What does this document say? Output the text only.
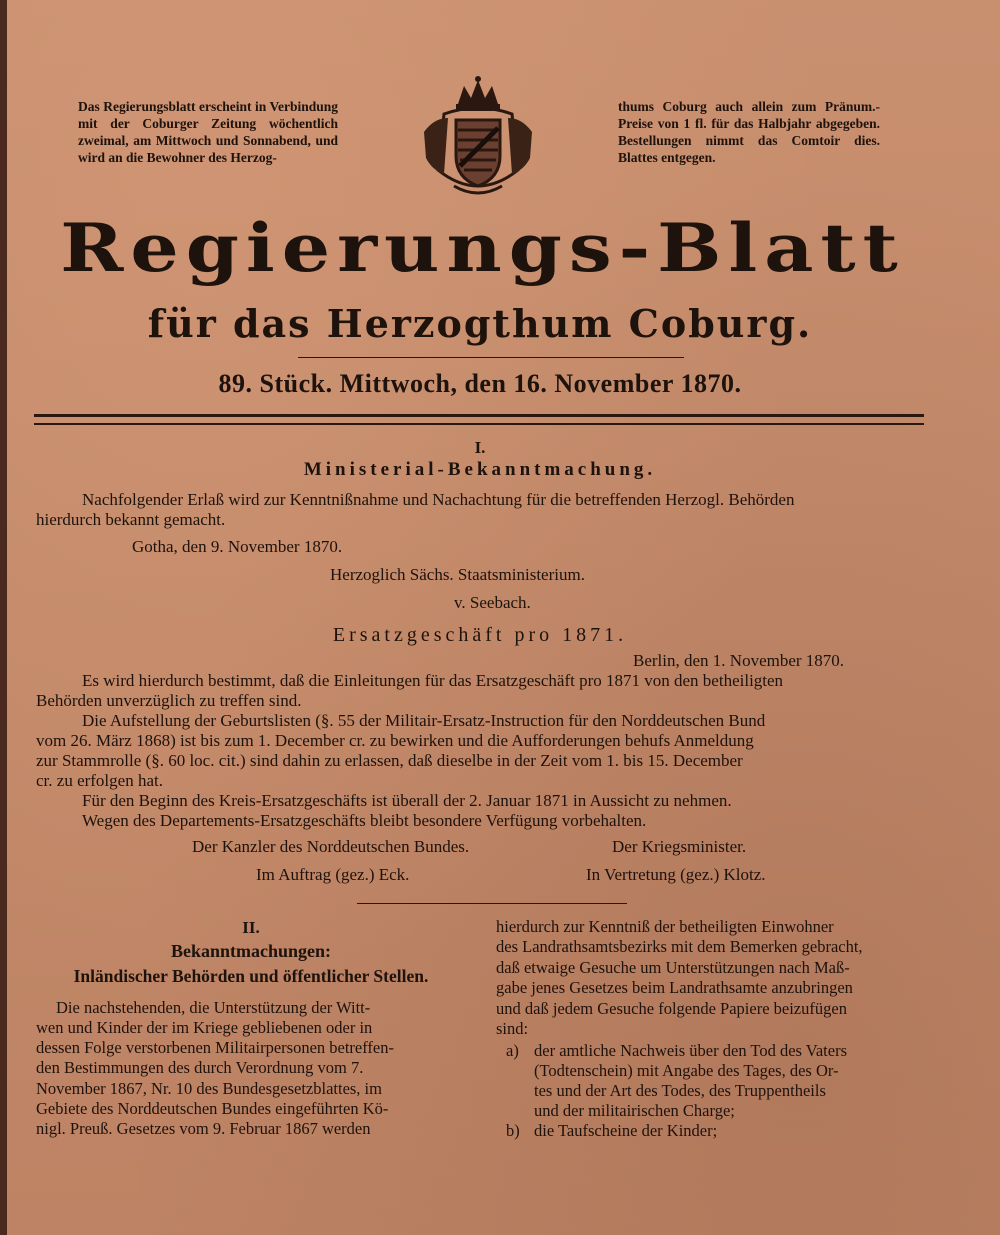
Das Regierungsblatt erscheint in Verbindung mit der Coburger Zeitung wöchentlich zweimal, am Mittwoch und Sonnabend, und wird an die Bewohner des Herzog-
thums Coburg auch allein zum Pränum.-Preise von 1 fl. für das Halbjahr abgegeben. Bestellungen nimmt das Comtoir dies. Blattes entgegen.
Regierungs-Blatt
für das Herzogthum Coburg.
89. Stück. Mittwoch, den 16. November 1870.
I.
Ministerial-Bekanntmachung.
Nachfolgender Erlaß wird zur Kenntnißnahme und Nachachtung für die betreffenden Herzogl. Behörden
hierdurch bekannt gemacht.
Gotha, den 9. November 1870.
Herzoglich Sächs. Staatsministerium.
v. Seebach.
Ersatzgeschäft pro 1871.
Berlin, den 1. November 1870.
Es wird hierdurch bestimmt, daß die Einleitungen für das Ersatzgeschäft pro 1871 von den betheiligten
Behörden unverzüglich zu treffen sind.
Die Aufstellung der Geburtslisten (§. 55 der Militair-Ersatz-Instruction für den Norddeutschen Bund
vom 26. März 1868) ist bis zum 1. December cr. zu bewirken und die Aufforderungen behufs Anmeldung
zur Stammrolle (§. 60 loc. cit.) sind dahin zu erlassen, daß dieselbe in der Zeit vom 1. bis 15. December
cr. zu erfolgen hat.
Für den Beginn des Kreis-Ersatzgeschäfts ist überall der 2. Januar 1871 in Aussicht zu nehmen.
Wegen des Departements-Ersatzgeschäfts bleibt besondere Verfügung vorbehalten.
Der Kanzler des Norddeutschen Bundes.	Der Kriegsminister.
Im Auftrag (gez.) Eck.	In Vertretung (gez.) Klotz.
II.
Bekanntmachungen:
Inländischer Behörden und öffentlicher Stellen.
Die nachstehenden, die Unterstützung der Witt-
wen und Kinder der im Kriege gebliebenen oder in
dessen Folge verstorbenen Militairpersonen betreffen-
den Bestimmungen des durch Verordnung vom 7.
November 1867, Nr. 10 des Bundesgesetzblattes, im
Gebiete des Norddeutschen Bundes eingeführten Kö-
nigl. Preuß. Gesetzes vom 9. Februar 1867 werden
hierdurch zur Kenntniß der betheiligten Einwohner
des Landrathsamtsbezirks mit dem Bemerken gebracht,
daß etwaige Gesuche um Unterstützungen nach Maß-
gabe jenes Gesetzes beim Landrathsamte anzubringen
und daß jedem Gesuche folgende Papiere beizufügen
sind:
a) der amtliche Nachweis über den Tod des Vaters
(Todtenschein) mit Angabe des Tages, des Or-
tes und der Art des Todes, des Truppentheils
und der militairischen Charge;
b) die Taufscheine der Kinder;
